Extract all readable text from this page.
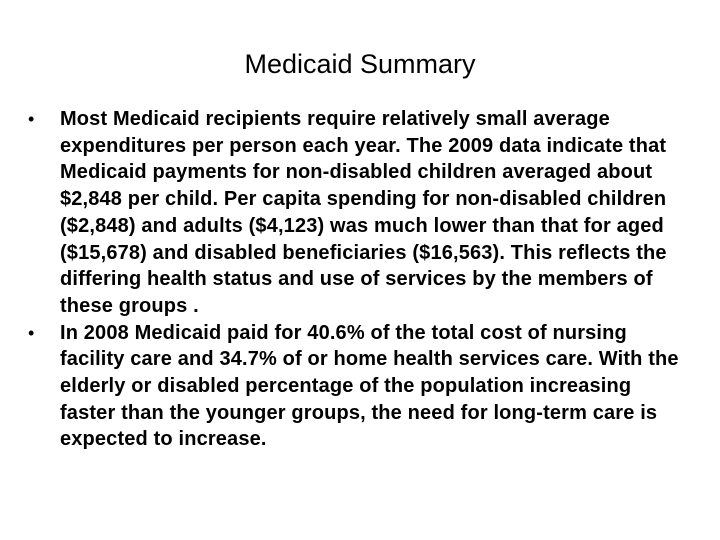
Medicaid Summary
•	Most Medicaid recipients require relatively small average expenditures per person each year. The 2009 data indicate that Medicaid payments for non-disabled children averaged about $2,848 per child. Per capita spending for non-disabled children ($2,848) and adults ($4,123) was much lower than that for aged ($15,678) and disabled beneficiaries ($16,563). This reflects the differing health status and use of services by the members of these groups .
•	In 2008 Medicaid paid for 40.6% of the total cost of nursing facility care and 34.7% of or home health services care. With the elderly or disabled percentage of the population increasing faster than the younger groups, the need for long-term care is expected to increase.
